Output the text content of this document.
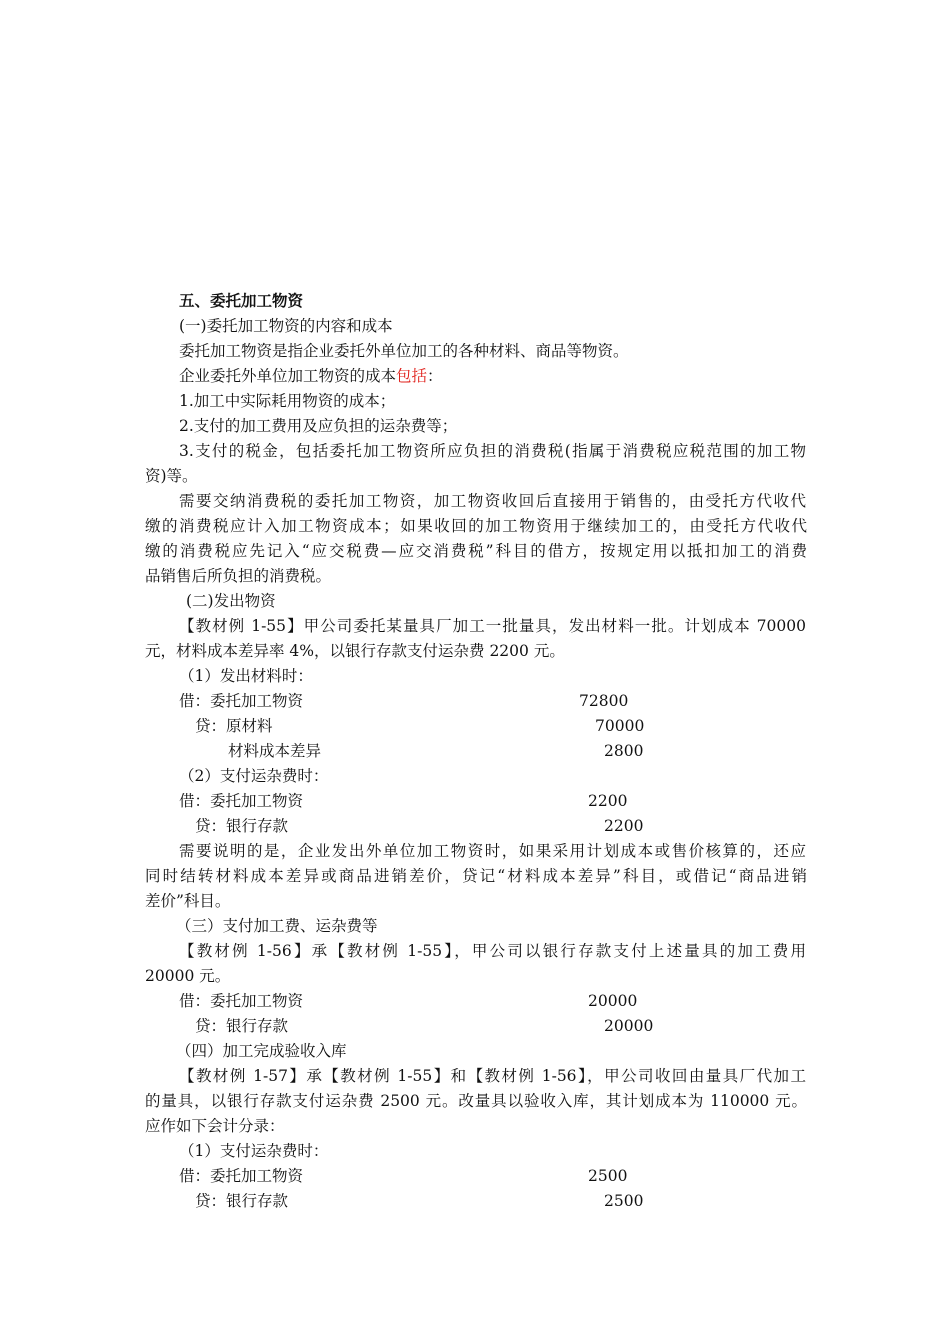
五、委托加工物资
(一)委托加工物资的内容和成本
委托加工物资是指企业委托外单位加工的各种材料、商品等物资。
企业委托外单位加工物资的成本包括：
1.加工中实际耗用物资的成本；
2.支付的加工费用及应负担的运杂费等；
3.支付的税金，包括委托加工物资所应负担的消费税(指属于消费税应税范围的加工物
资)等。
需要交纳消费税的委托加工物资，加工物资收回后直接用于销售的，由受托方代收代
缴的消费税应计入加工物资成本；如果收回的加工物资用于继续加工的，由受托方代收代
缴的消费税应先记入“应交税费—应交消费税”科目的借方，按规定用以抵扣加工的消费
品销售后所负担的消费税。
(二)发出物资
【教材例 1-55】甲公司委托某量具厂加工一批量具，发出材料一批。计划成本 70000
元，材料成本差异率 4%，以银行存款支付运杂费 2200 元。
（1）发出材料时：
借：委托加工物资	72800
贷：原材料	70000
材料成本差异	2800
（2）支付运杂费时：
借：委托加工物资	2200
贷：银行存款	2200
需要说明的是，企业发出外单位加工物资时，如果采用计划成本或售价核算的，还应
同时结转材料成本差异或商品进销差价，贷记“材料成本差异”科目，或借记“商品进销
差价”科目。
（三）支付加工费、运杂费等
【教材例 1-56】承【教材例 1-55】，甲公司以银行存款支付上述量具的加工费用
20000 元。
借：委托加工物资	20000
贷：银行存款	20000
（四）加工完成验收入库
【教材例 1-57】承【教材例 1-55】和【教材例 1-56】，甲公司收回由量具厂代加工
的量具，以银行存款支付运杂费 2500 元。改量具以验收入库，其计划成本为 110000 元。
应作如下会计分录：
（1）支付运杂费时：
借：委托加工物资	2500
贷：银行存款	2500
